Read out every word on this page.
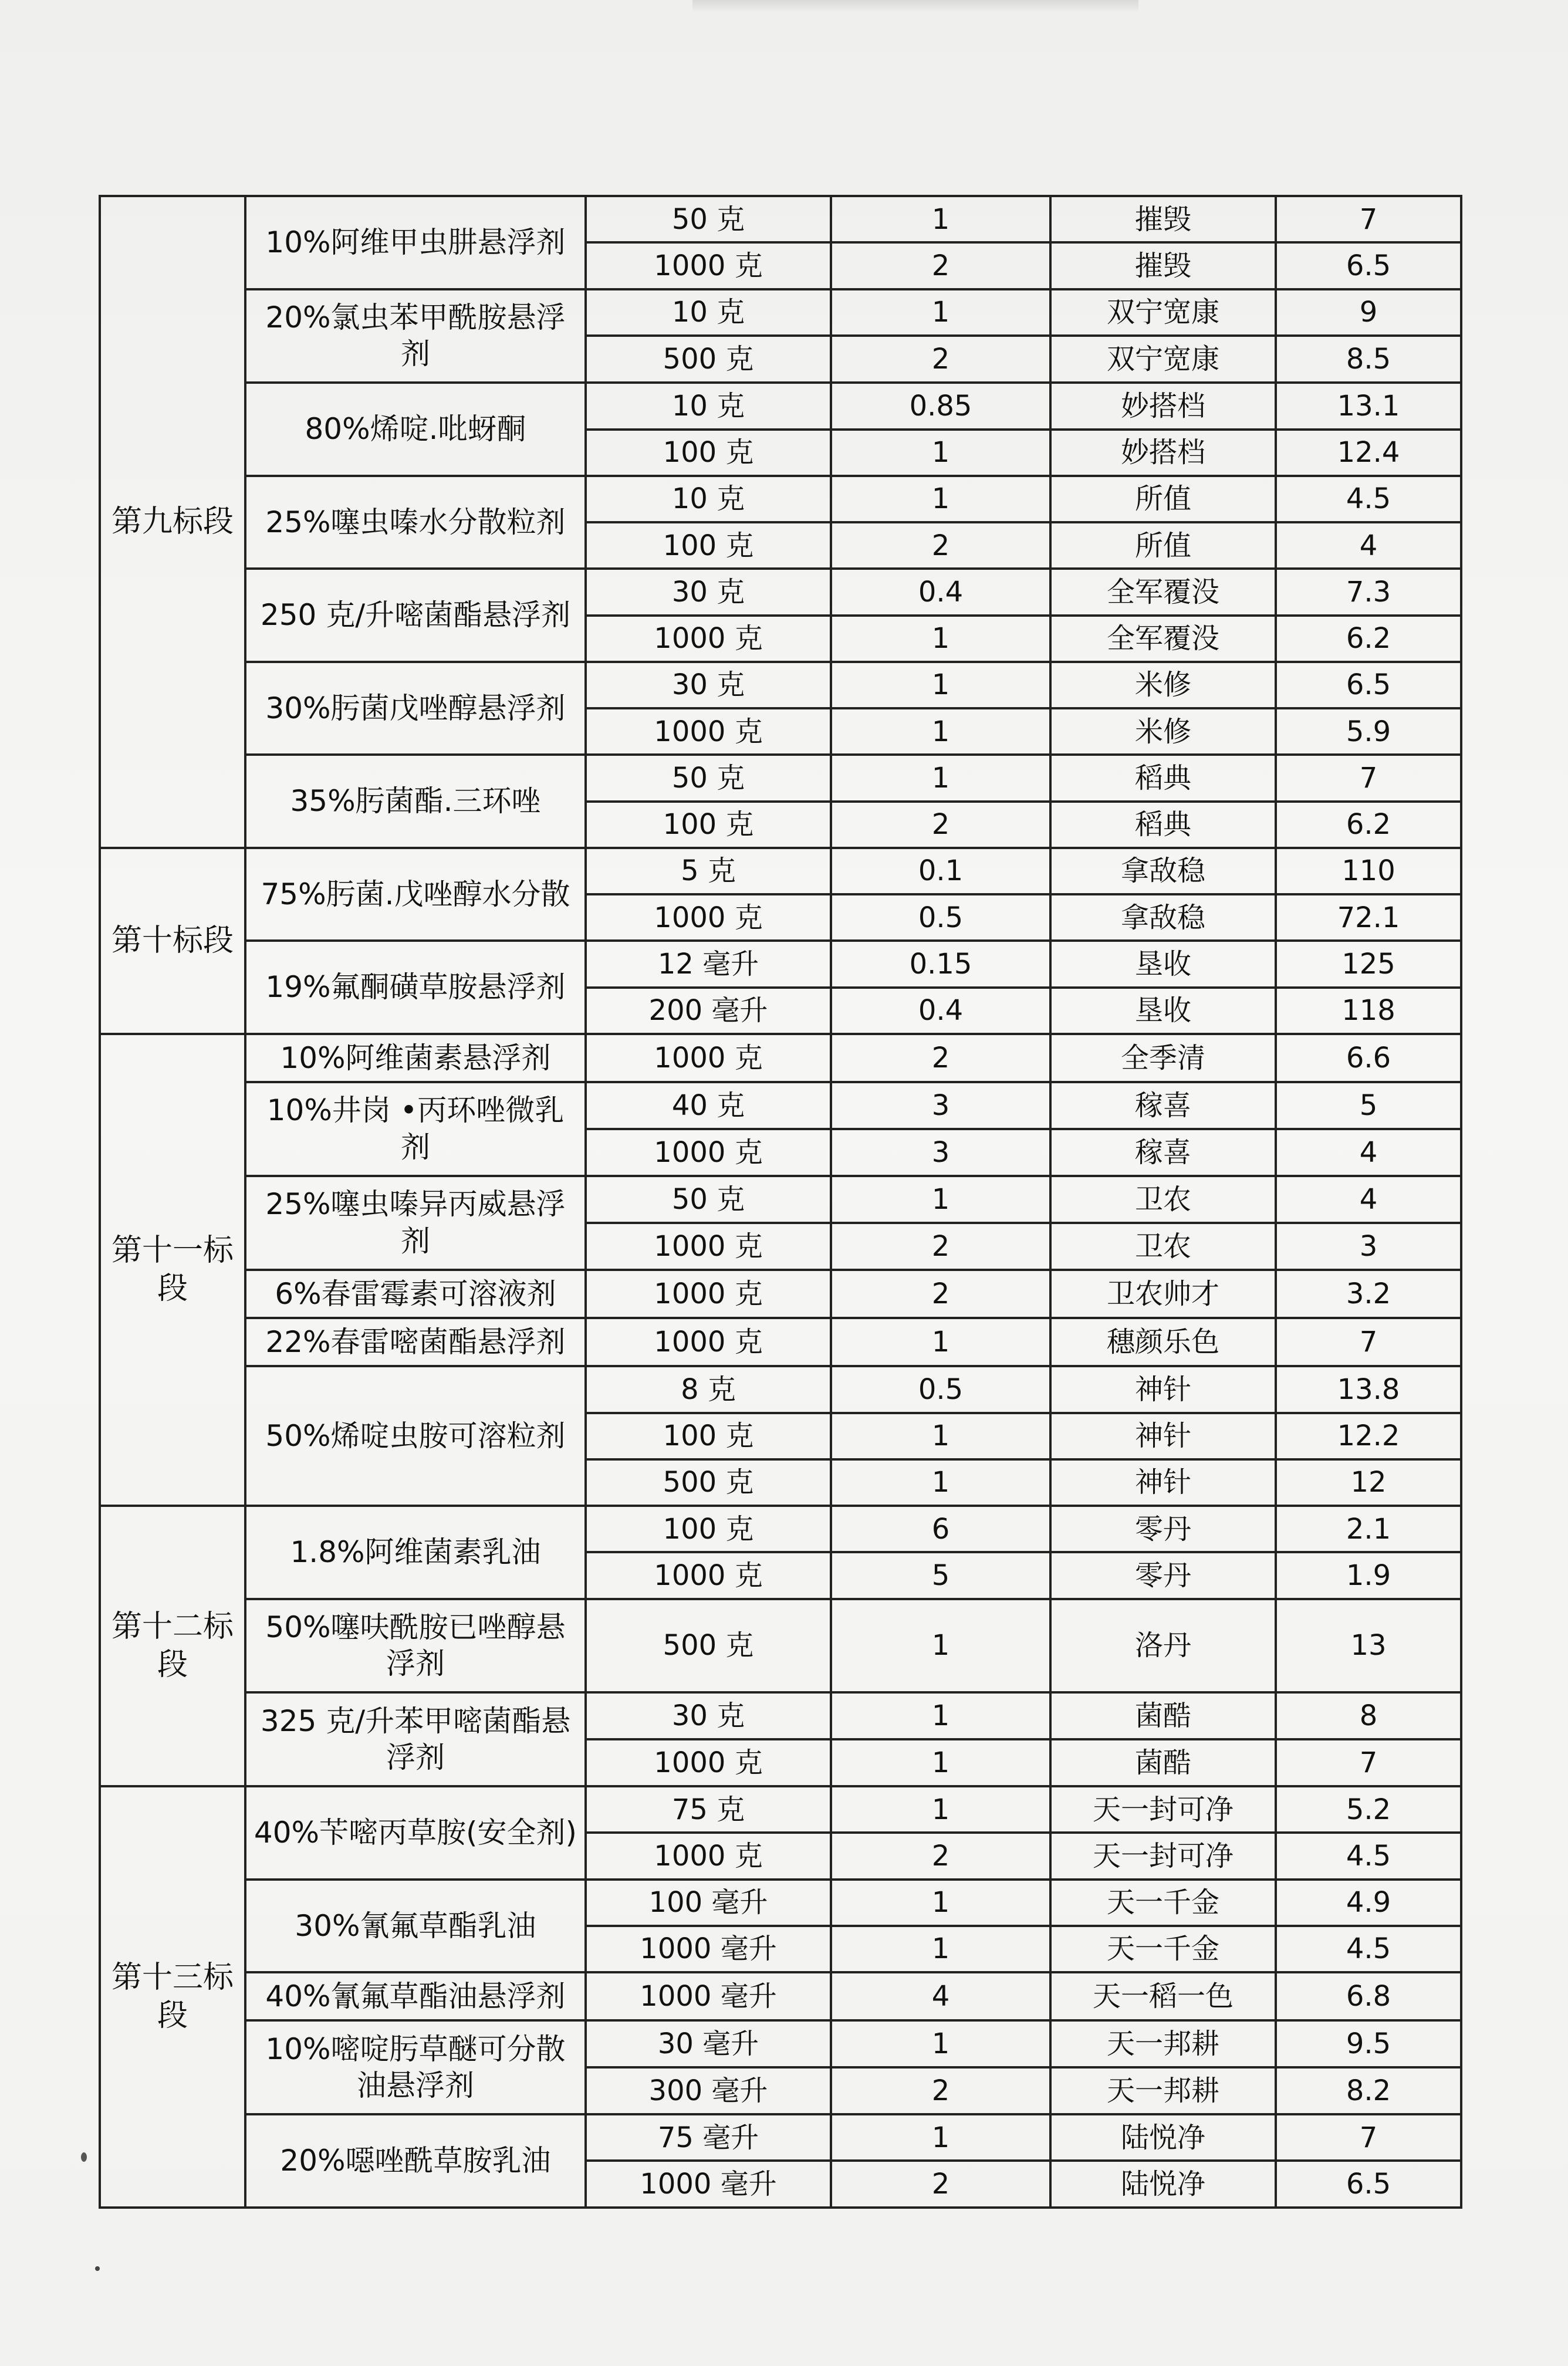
第九标段	10%阿维甲虫肼悬浮剂	50 克	1	摧毁	7
		1000 克	2	摧毁	6.5
	20%氯虫苯甲酰胺悬浮剂	10 克	1	双宁宽康	9
		500 克	2	双宁宽康	8.5
	80%烯啶.吡蚜酮	10 克	0.85	妙搭档	13.1
		100 克	1	妙搭档	12.4
	25%噻虫嗪水分散粒剂	10 克	1	所值	4.5
		100 克	2	所值	4
	250 克/升嘧菌酯悬浮剂	30 克	0.4	全军覆没	7.3
		1000 克	1	全军覆没	6.2
	30%肟菌戊唑醇悬浮剂	30 克	1	米修	6.5
		1000 克	1	米修	5.9
	35%肟菌酯.三环唑	50 克	1	稻典	7
		100 克	2	稻典	6.2
第十标段	75%肟菌.戊唑醇水分散	5 克	0.1	拿敌稳	110
		1000 克	0.5	拿敌稳	72.1
	19%氟酮磺草胺悬浮剂	12 毫升	0.15	垦收	125
		200 毫升	0.4	垦收	118
第十一标段	10%阿维菌素悬浮剂	1000 克	2	全季清	6.6
	10%井岗 •丙环唑微乳剂	40 克	3	稼喜	5
		1000 克	3	稼喜	4
	25%噻虫嗪异丙威悬浮剂	50 克	1	卫农	4
		1000 克	2	卫农	3
	6%春雷霉素可溶液剂	1000 克	2	卫农帅才	3.2
	22%春雷嘧菌酯悬浮剂	1000 克	1	穗颜乐色	7
	50%烯啶虫胺可溶粒剂	8 克	0.5	神针	13.8
		100 克	1	神针	12.2
		500 克	1	神针	12
第十二标段	1.8%阿维菌素乳油	100 克	6	零丹	2.1
		1000 克	5	零丹	1.9
	50%噻呋酰胺已唑醇悬浮剂	500 克	1	洛丹	13
	325 克/升苯甲嘧菌酯悬浮剂	30 克	1	菌酷	8
		1000 克	1	菌酷	7
第十三标段	40%苄嘧丙草胺(安全剂)	75 克	1	天一封可净	5.2
		1000 克	2	天一封可净	4.5
	30%氰氟草酯乳油	100 毫升	1	天一千金	4.9
		1000 毫升	1	天一千金	4.5
	40%氰氟草酯油悬浮剂	1000 毫升	4	天一稻一色	6.8
	10%嘧啶肟草醚可分散油悬浮剂	30 毫升	1	天一邦耕	9.5
		300 毫升	2	天一邦耕	8.2
	20%噁唑酰草胺乳油	75 毫升	1	陆悦净	7
		1000 毫升	2	陆悦净	6.5
